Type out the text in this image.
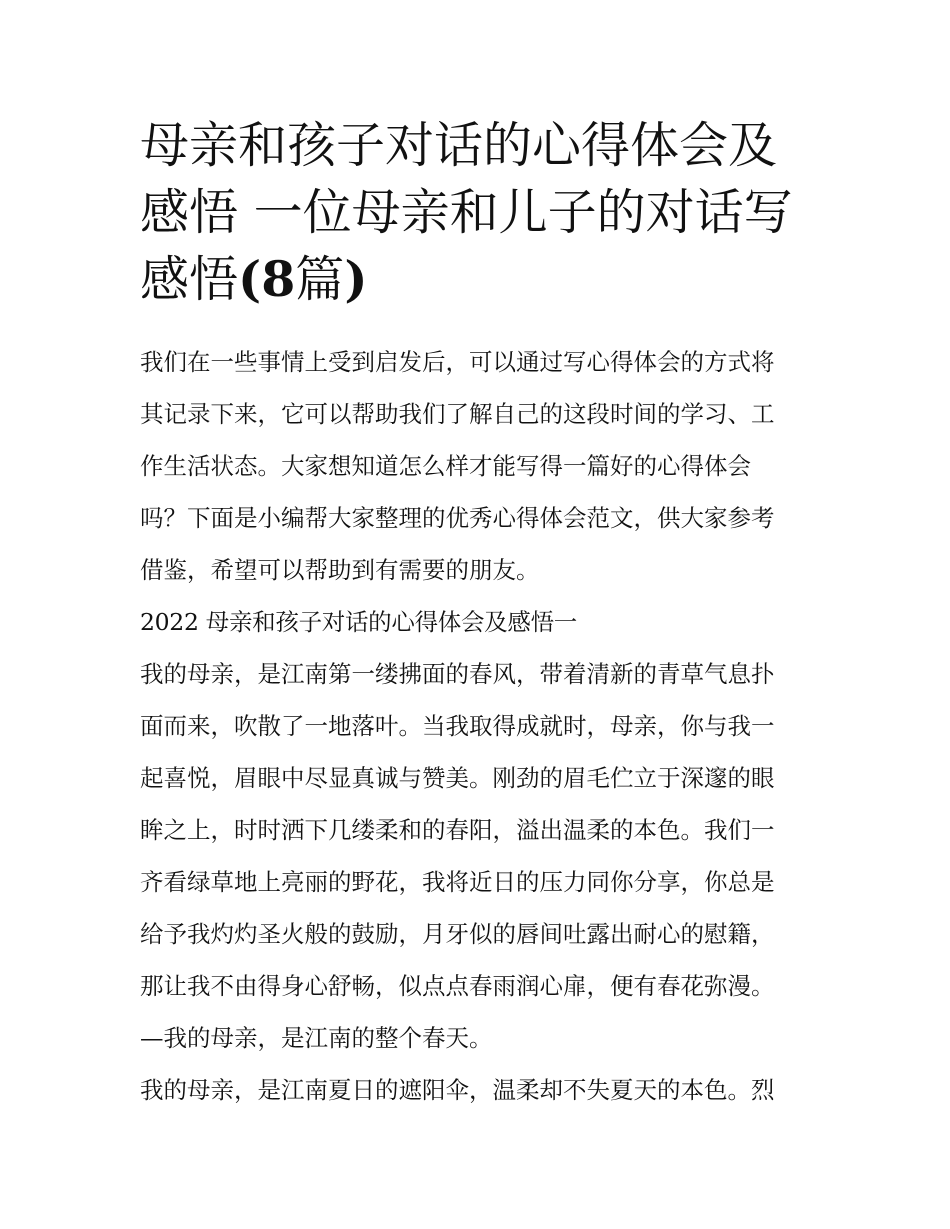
母亲和孩子对话的心得体会及
感悟 一位母亲和儿子的对话写
感悟(8篇)
我们在一些事情上受到启发后，可以通过写心得体会的方式将
其记录下来，它可以帮助我们了解自己的这段时间的学习、工
作生活状态。大家想知道怎么样才能写得一篇好的心得体会
吗？下面是小编帮大家整理的优秀心得体会范文，供大家参考
借鉴，希望可以帮助到有需要的朋友。
2022 母亲和孩子对话的心得体会及感悟一
我的母亲，是江南第一缕拂面的春风，带着清新的青草气息扑
面而来，吹散了一地落叶。当我取得成就时，母亲，你与我一
起喜悦，眉眼中尽显真诚与赞美。刚劲的眉毛伫立于深邃的眼
眸之上，时时洒下几缕柔和的春阳，溢出温柔的本色。我们一
齐看绿草地上亮丽的野花，我将近日的压力同你分享，你总是
给予我灼灼圣火般的鼓励，月牙似的唇间吐露出耐心的慰籍，
那让我不由得身心舒畅，似点点春雨润心扉，便有春花弥漫。
—我的母亲，是江南的整个春天。
我的母亲，是江南夏日的遮阳伞，温柔却不失夏天的本色。烈
